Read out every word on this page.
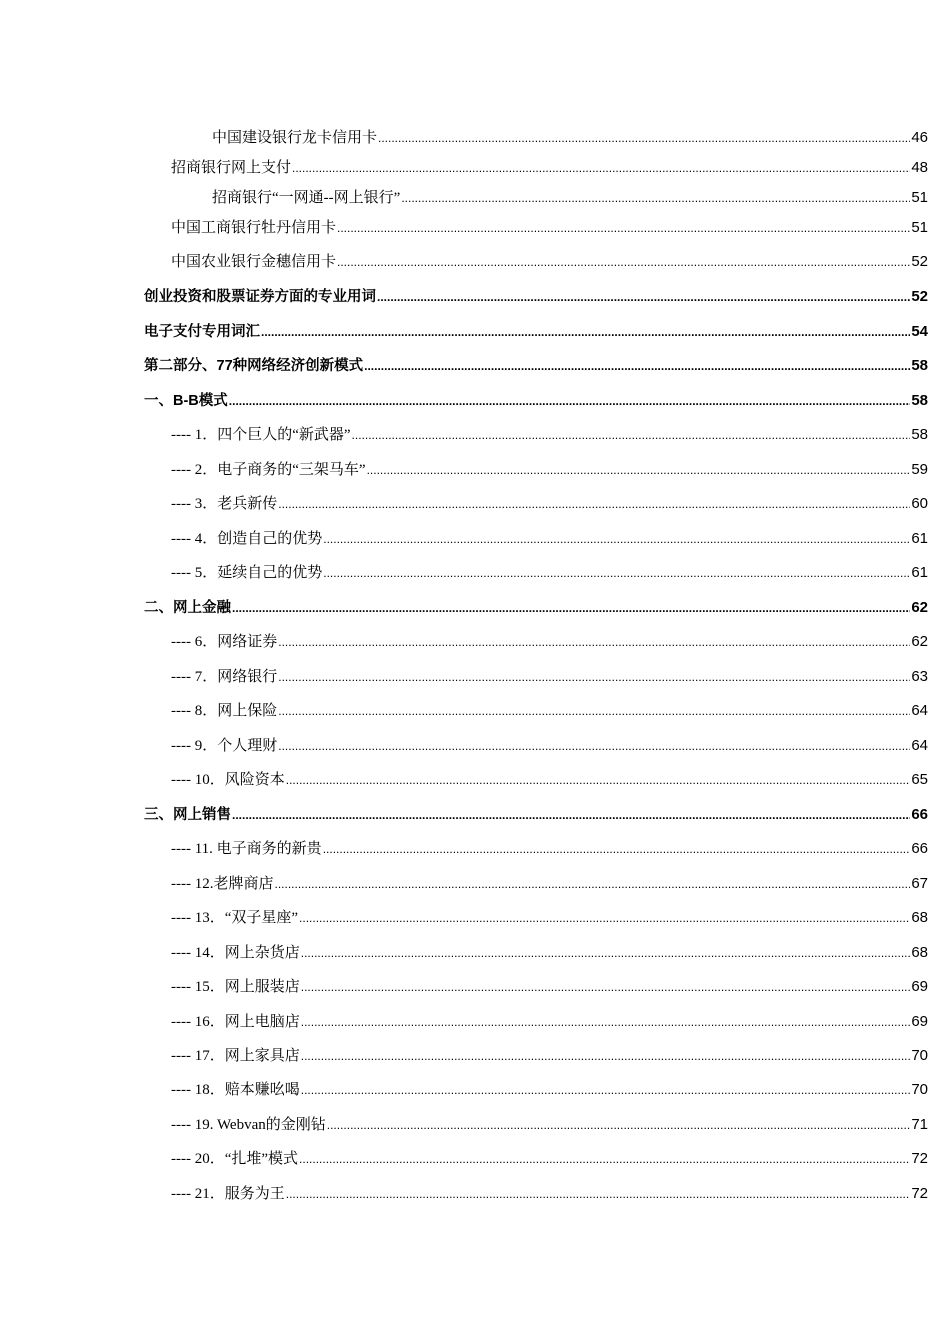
中国建设银行龙卡信用卡 .....	46
招商银行网上支付 .....	48
招商银行“一网通--网上银行” .....	51
中国工商银行牡丹信用卡 .....	51
中国农业银行金穗信用卡 .....	52
创业投资和股票证券方面的专业用词 .....	52
电子支付专用词汇 .....	54
第二部分、77种网络经济创新模式 .....	58
一、B-B模式 .....	58
---- 1．四个巨人的“新武器” .....	58
---- 2．电子商务的“三架马车” .....	59
---- 3．老兵新传 .....	60
---- 4．创造自己的优势 .....	61
---- 5．延续自己的优势 .....	61
二、网上金融 .....	62
---- 6．网络证券 .....	62
---- 7．网络银行 .....	63
---- 8．网上保险 .....	64
---- 9．个人理财 .....	64
---- 10．风险资本 .....	65
三、网上销售 .....	66
---- 11. 电子商务的新贵 .....	66
---- 12.老牌商店 .....	67
---- 13．“双子星座” .....	68
---- 14．网上杂货店 .....	68
---- 15．网上服装店 .....	69
---- 16．网上电脑店 .....	69
---- 17．网上家具店 .....	70
---- 18．赔本赚吆喝 .....	70
---- 19. Webvan的金刚钻 .....	71
---- 20．“扎堆”模式 .....	72
---- 21．服务为王 .....	72
